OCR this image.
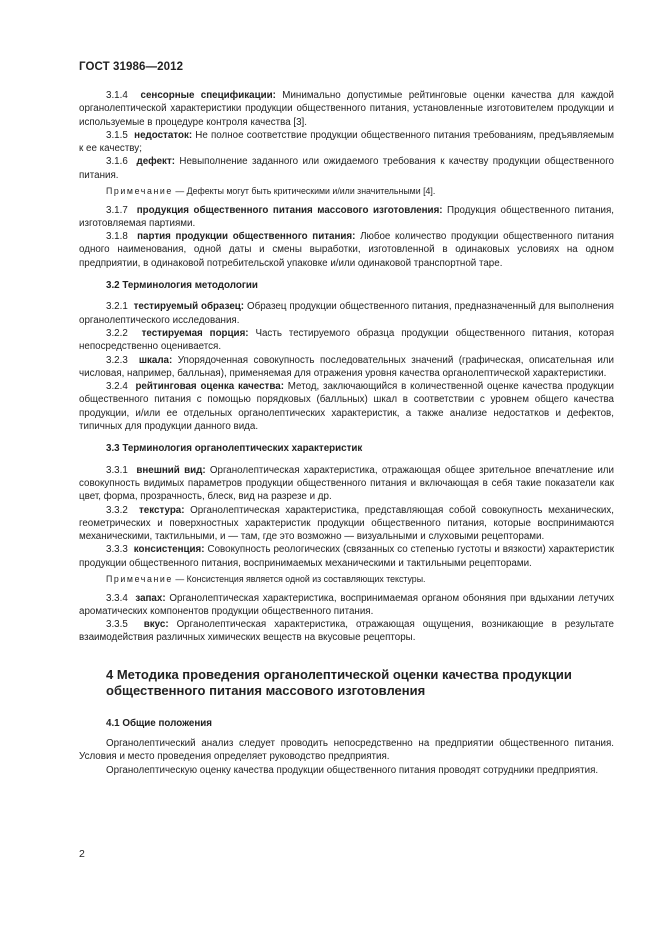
ГОСТ 31986—2012

3.1.4 сенсорные спецификации: Минимально допустимые рейтинговые оценки качества для каждой органолептической характеристики продукции общественного питания, установленные изготовителем продукции и используемые в процедуре контроля качества [3].

3.1.5 недостаток: Не полное соответствие продукции общественного питания требованиям, предъявляемым к ее качеству;

3.1.6 дефект: Невыполнение заданного или ожидаемого требования к качеству продукции общественного питания.

Примечание — Дефекты могут быть критическими и/или значительными [4].

3.1.7 продукция общественного питания массового изготовления: Продукция общественного питания, изготовляемая партиями.

3.1.8 партия продукции общественного питания: Любое количество продукции общественного питания одного наименования, одной даты и смены выработки, изготовленной в одинаковых условиях на одном предприятии, в одинаковой потребительской упаковке и/или одинаковой транспортной таре.

3.2 Терминология методологии

3.2.1 тестируемый образец: Образец продукции общественного питания, предназначенный для выполнения органолептического исследования.

3.2.2 тестируемая порция: Часть тестируемого образца продукции общественного питания, которая непосредственно оценивается.

3.2.3 шкала: Упорядоченная совокупность последовательных значений (графическая, описательная или числовая, например, балльная), применяемая для отражения уровня качества органолептической характеристики.

3.2.4 рейтинговая оценка качества: Метод, заключающийся в количественной оценке качества продукции общественного питания с помощью порядковых (балльных) шкал в соответствии с уровнем общего качества продукции, и/или ее отдельных органолептических характеристик, а также анализе недостатков и дефектов, типичных для продукции данного вида.

3.3 Терминология органолептических характеристик

3.3.1 внешний вид: Органолептическая характеристика, отражающая общее зрительное впечатление или совокупность видимых параметров продукции общественного питания и включающая в себя такие показатели как цвет, форма, прозрачность, блеск, вид на разрезе и др.

3.3.2 текстура: Органолептическая характеристика, представляющая собой совокупность механических, геометрических и поверхностных характеристик продукции общественного питания, которые воспринимаются механическими, тактильными, и — там, где это возможно — визуальными и слуховыми рецепторами.

3.3.3 консистенция: Совокупность реологических (связанных со степенью густоты и вязкости) характеристик продукции общественного питания, воспринимаемых механическими и тактильными рецепторами.

Примечание — Консистенция является одной из составляющих текстуры.

3.3.4 запах: Органолептическая характеристика, воспринимаемая органом обоняния при вдыхании летучих ароматических компонентов продукции общественного питания.

3.3.5 вкус: Органолептическая характеристика, отражающая ощущения, возникающие в результате взаимодействия различных химических веществ на вкусовые рецепторы.

4 Методика проведения органолептической оценки качества продукции общественного питания массового изготовления

4.1 Общие положения

Органолептический анализ следует проводить непосредственно на предприятии общественного питания. Условия и место проведения определяет руководство предприятия.

Органолептическую оценку качества продукции общественного питания проводят сотрудники предприятия.

2
